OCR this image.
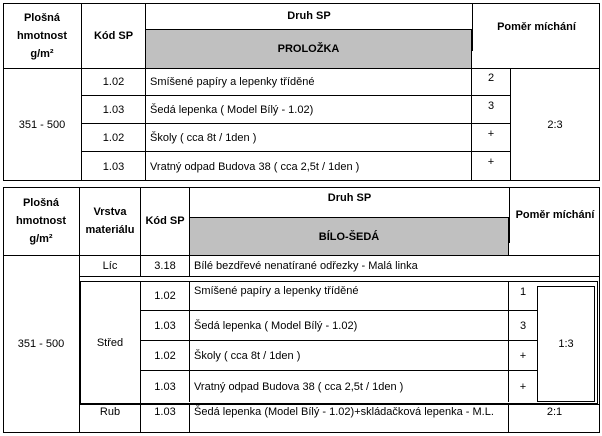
Plošná
hmotnost
g/m²
Kód SP
Druh SP
PROLOŽKA
Poměr míchání
351 - 500
1.02	Smíšené papíry a lepenky tříděné	2
1.03	Šedá lepenka ( Model Bílý - 1.02)	3
1.02	Školy ( cca 8t / 1den )	+
1.03	Vratný odpad Budova 38 ( cca 2,5t / 1den )	+
2:3
Plošná
hmotnost
g/m²
Vrstva
materiálu
Kód SP
Druh SP
BÍLO-ŠEDÁ
Poměr míchání
351 - 500
Líc	3.18	Bílé bezdřevé nenatírané odřezky - Malá linka
Střed
1.02	Smíšené papíry a lepenky tříděné	1
1.03	Šedá lepenka ( Model Bílý - 1.02)	3
1.02	Školy ( cca 8t / 1den )	+
1.03	Vratný odpad Budova 38 ( cca 2,5t / 1den )	+
1:3
Rub	1.03	Šedá lepenka (Model Bílý - 1.02)+skládačková lepenka - M.L.	2:1
